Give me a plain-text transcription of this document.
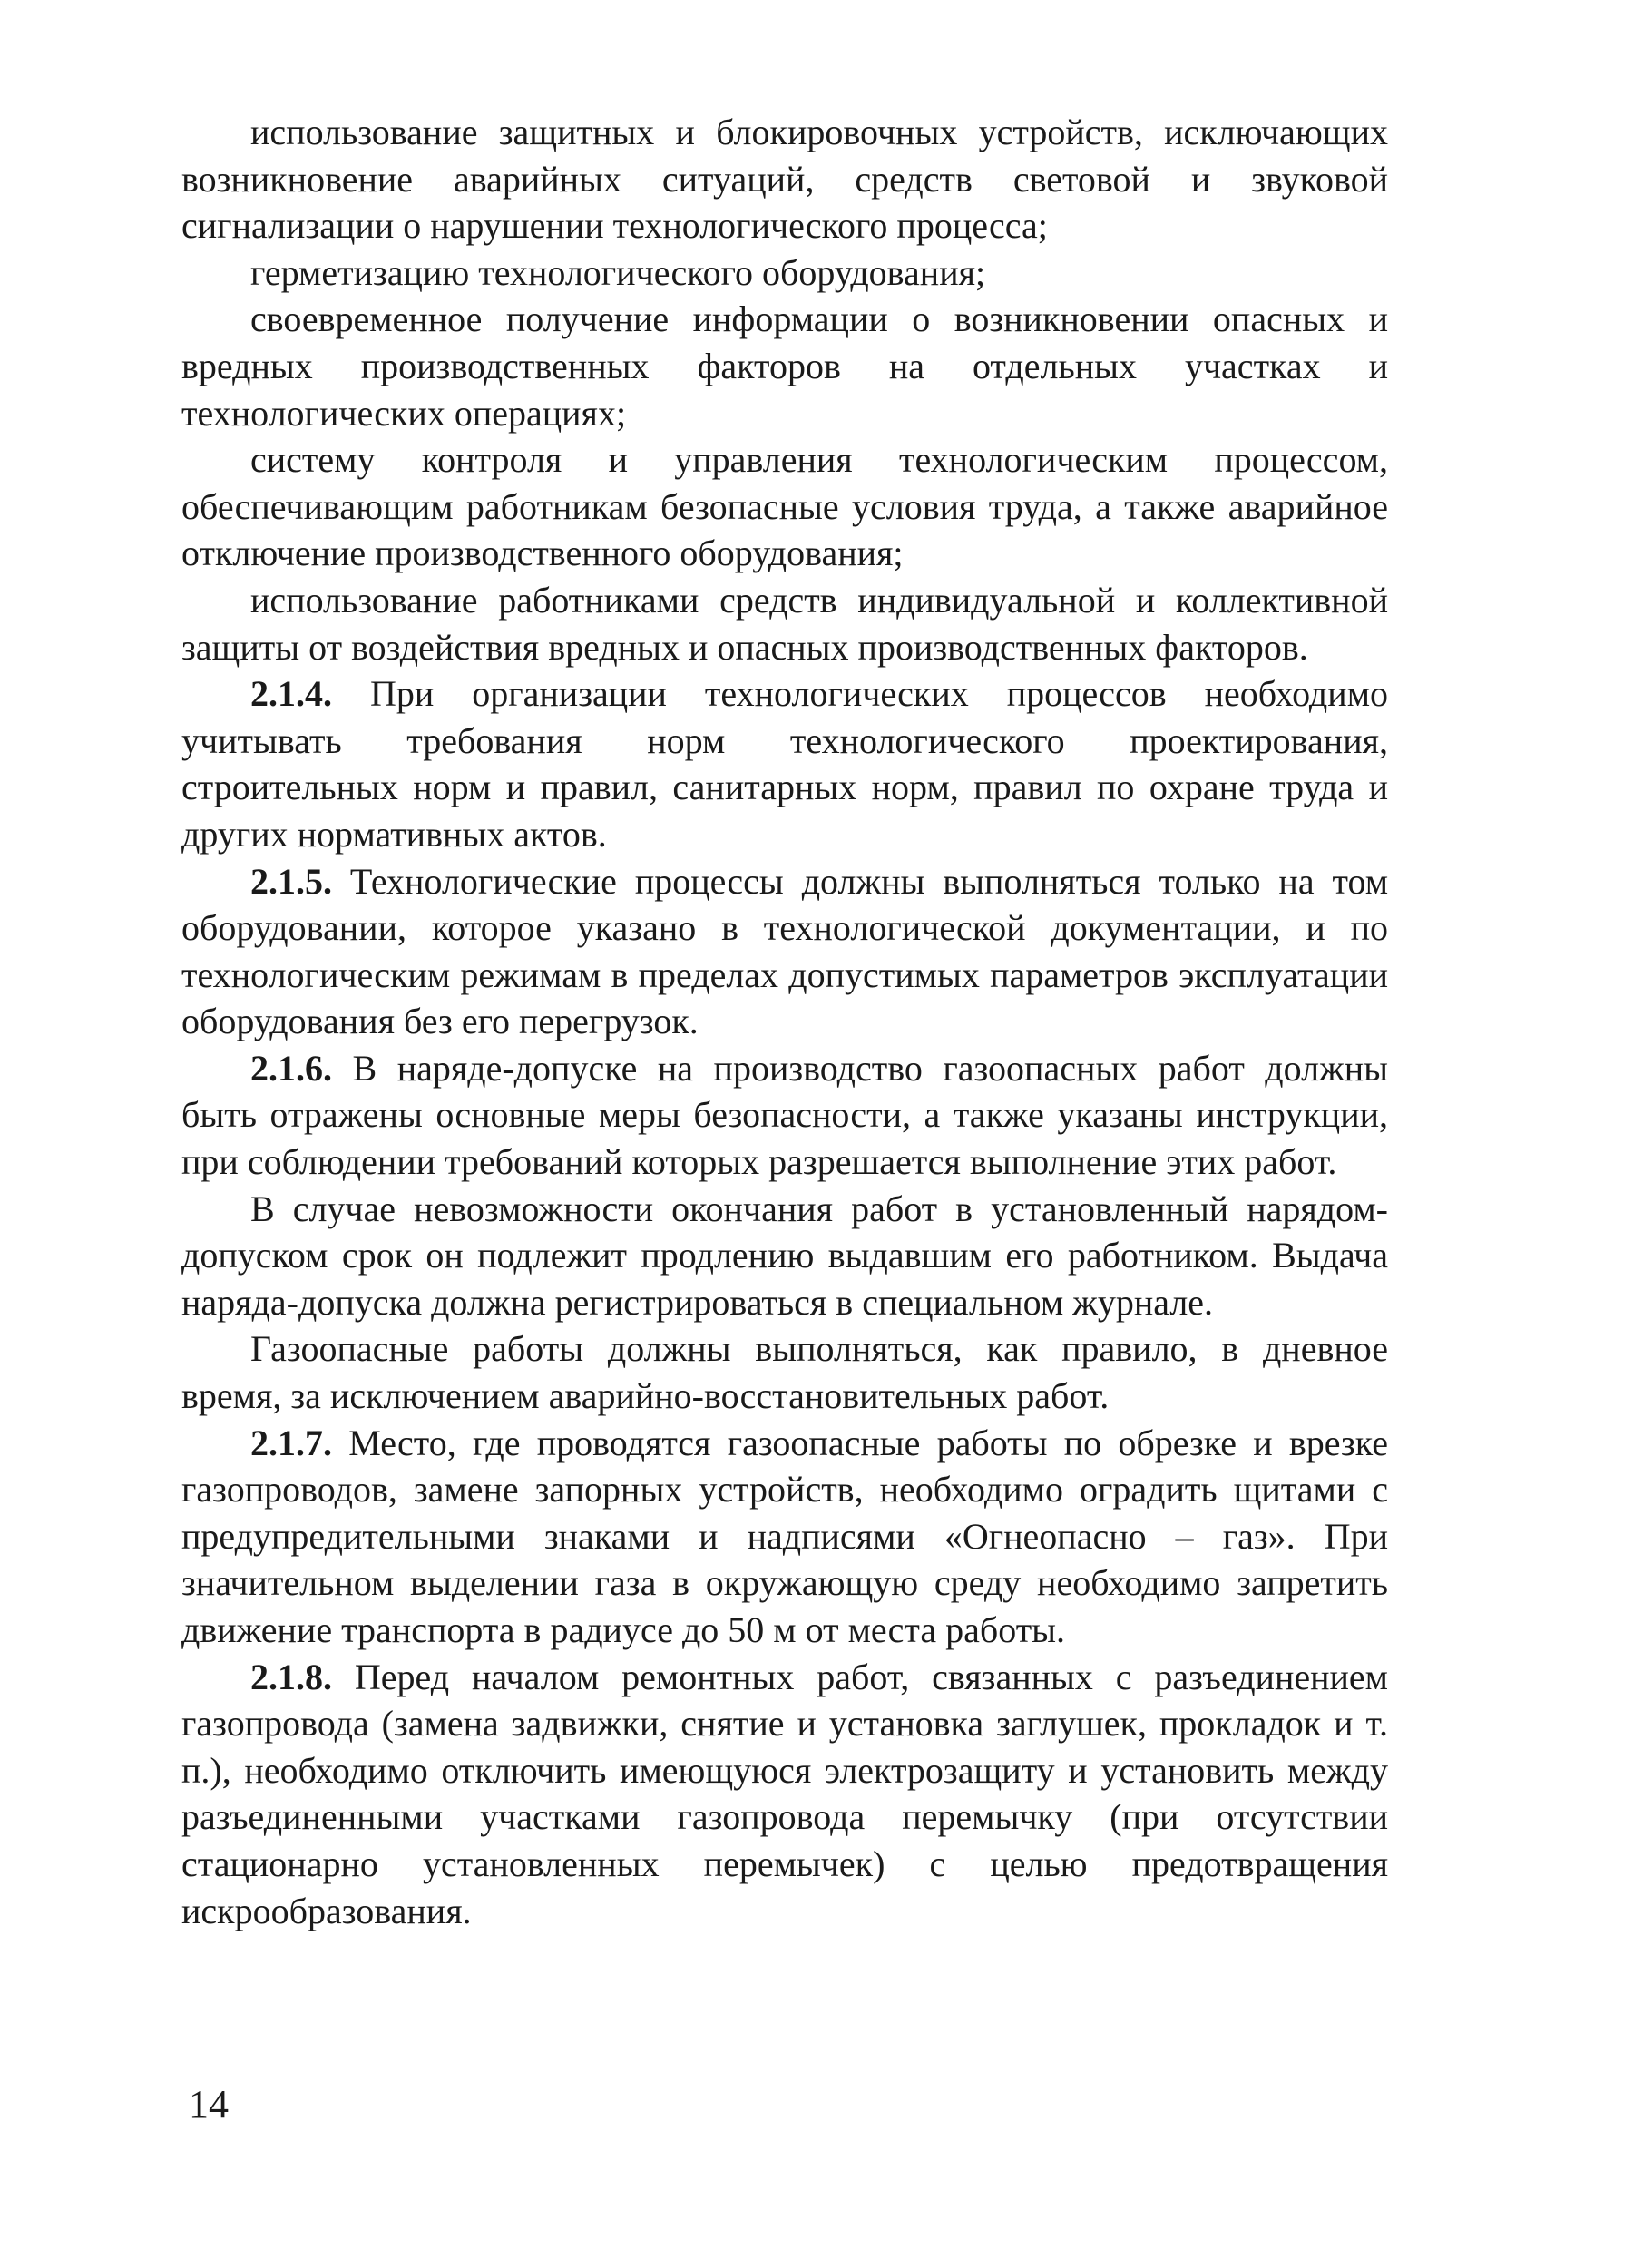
использование защитных и блокировочных устройств, исключающих возникновение аварийных ситуаций, средств световой и звуковой сигнализации о нарушении технологического процесса;

герметизацию технологического оборудования;

своевременное получение информации о возникновении опасных и вредных производственных факторов на отдельных участках и технологических операциях;

систему контроля и управления технологическим процессом, обеспечивающим работникам безопасные условия труда, а также аварийное отключение производственного оборудования;

использование работниками средств индивидуальной и коллективной защиты от воздействия вредных и опасных производственных факторов.

2.1.4. При организации технологических процессов необходимо учитывать требования норм технологического проектирования, строительных норм и правил, санитарных норм, правил по охране труда и других нормативных актов.

2.1.5. Технологические процессы должны выполняться только на том оборудовании, которое указано в технологической документации, и по технологическим режимам в пределах допустимых параметров эксплуатации оборудования без его перегрузок.

2.1.6. В наряде-допуске на производство газоопасных работ должны быть отражены основные меры безопасности, а также указаны инструкции, при соблюдении требований которых разрешается выполнение этих работ.

В случае невозможности окончания работ в установленный нарядом-допуском срок он подлежит продлению выдавшим его работником. Выдача наряда-допуска должна регистрироваться в специальном журнале.

Газоопасные работы должны выполняться, как правило, в дневное время, за исключением аварийно-восстановительных работ.

2.1.7. Место, где проводятся газоопасные работы по обрезке и врезке газопроводов, замене запорных устройств, необходимо оградить щитами с предупредительными знаками и надписями «Огнеопасно – газ». При значительном выделении газа в окружающую среду необходимо запретить движение транспорта в радиусе до 50 м от места работы.

2.1.8. Перед началом ремонтных работ, связанных с разъединением газопровода (замена задвижки, снятие и установка заглушек, прокладок и т. п.), необходимо отключить имеющуюся электрозащиту и установить между разъединенными участками газопровода перемычку (при отсутствии стационарно установленных перемычек) с целью предотвращения искрообразования.

14
